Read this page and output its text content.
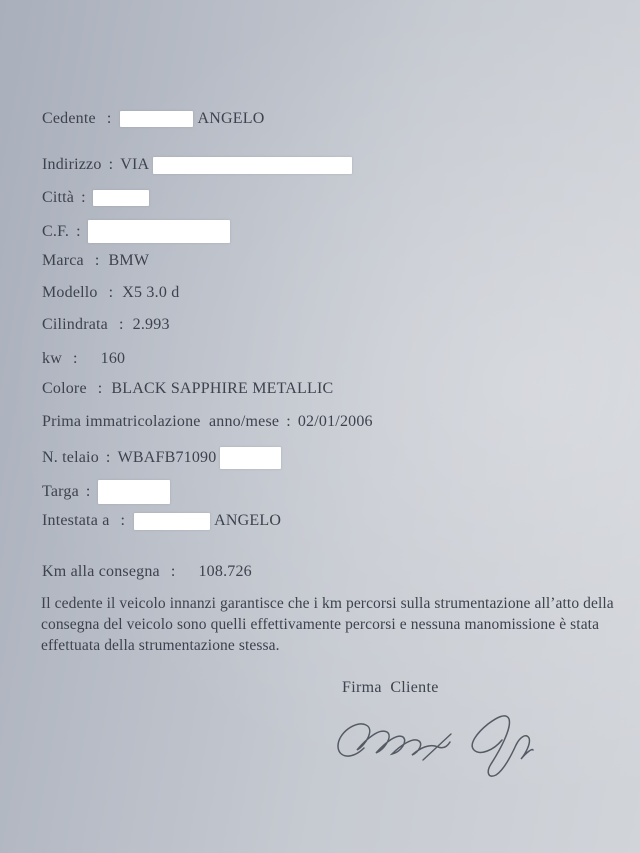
Cedente :	ANGELO
Indirizzo : VIA
Città :
C.F. :
Marca : BMW
Modello : X5 3.0 d
Cilindrata : 2.993
kw : 160
Colore : BLACK SAPPHIRE METALLIC
Prima immatricolazione  anno/mese : 02/01/2006
N. telaio : WBAFB71090
Targa :
Intestata a :	ANGELO
Km alla consegna : 108.726

Il cedente il veicolo innanzi garantisce che i km percorsi sulla strumentazione all’atto della consegna del veicolo sono quelli effettivamente percorsi e nessuna manomissione è stata effettuata della strumentazione stessa.

Firma  Cliente
